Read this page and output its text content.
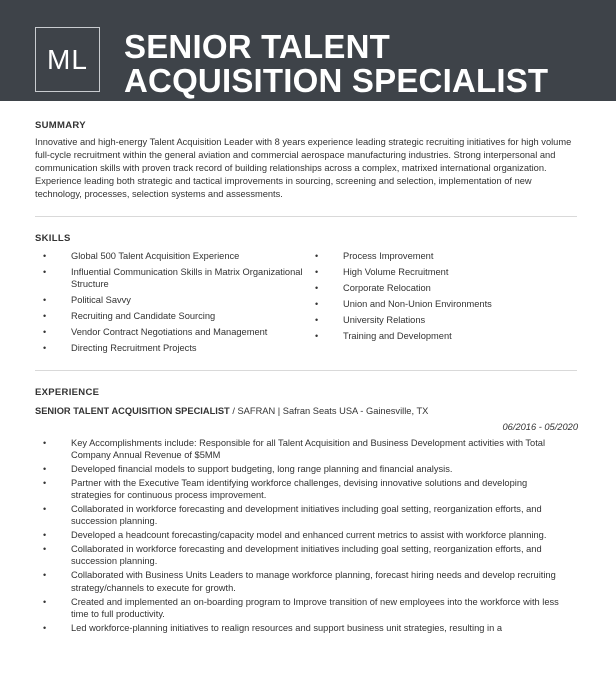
ML	SENIOR TALENT ACQUISITION SPECIALIST
SUMMARY

Innovative and high-energy Talent Acquisition Leader with 8 years experience leading strategic recruiting initiatives for high volume full-cycle recruitment within the general aviation and commercial aerospace manufacturing industries. Strong interpersonal and communication skills with proven track record of building relationships across a complex, matrixed international organization. Experience leading both strategic and tactical improvements in sourcing, screening and selection, implementation of new technology, processes, selection systems and assessments.

SKILLS
• Global 500 Talent Acquisition Experience
• Influential Communication Skills in Matrix Organizational Structure
• Political Savvy
• Recruiting and Candidate Sourcing
• Vendor Contract Negotiations and Management
• Directing Recruitment Projects
• Process Improvement
• High Volume Recruitment
• Corporate Relocation
• Union and Non-Union Environments
• University Relations
• Training and Development
EXPERIENCE
SENIOR TALENT ACQUISITION SPECIALIST / SAFRAN | Safran Seats USA - Gainesville, TX
06/2016 - 05/2020
• Key Accomplishments include: Responsible for all Talent Acquisition and Business Development activities with Total Company Annual Revenue of $5MM
• Developed financial models to support budgeting, long range planning and financial analysis.
• Partner with the Executive Team identifying workforce challenges, devising innovative solutions and developing strategies for continuous process improvement.
• Collaborated in workforce forecasting and development initiatives including goal setting, reorganization efforts, and succession planning.
• Developed a headcount forecasting/capacity model and enhanced current metrics to assist with workforce planning.
• Collaborated in workforce forecasting and development initiatives including goal setting, reorganization efforts, and succession planning.
• Collaborated with Business Units Leaders to manage workforce planning, forecast hiring needs and develop recruiting strategy/channels to execute for growth.
• Created and implemented an on-boarding program to Improve transition of new employees into the workforce with less time to full productivity.
• Led workforce-planning initiatives to realign resources and support business unit strategies, resulting in a
